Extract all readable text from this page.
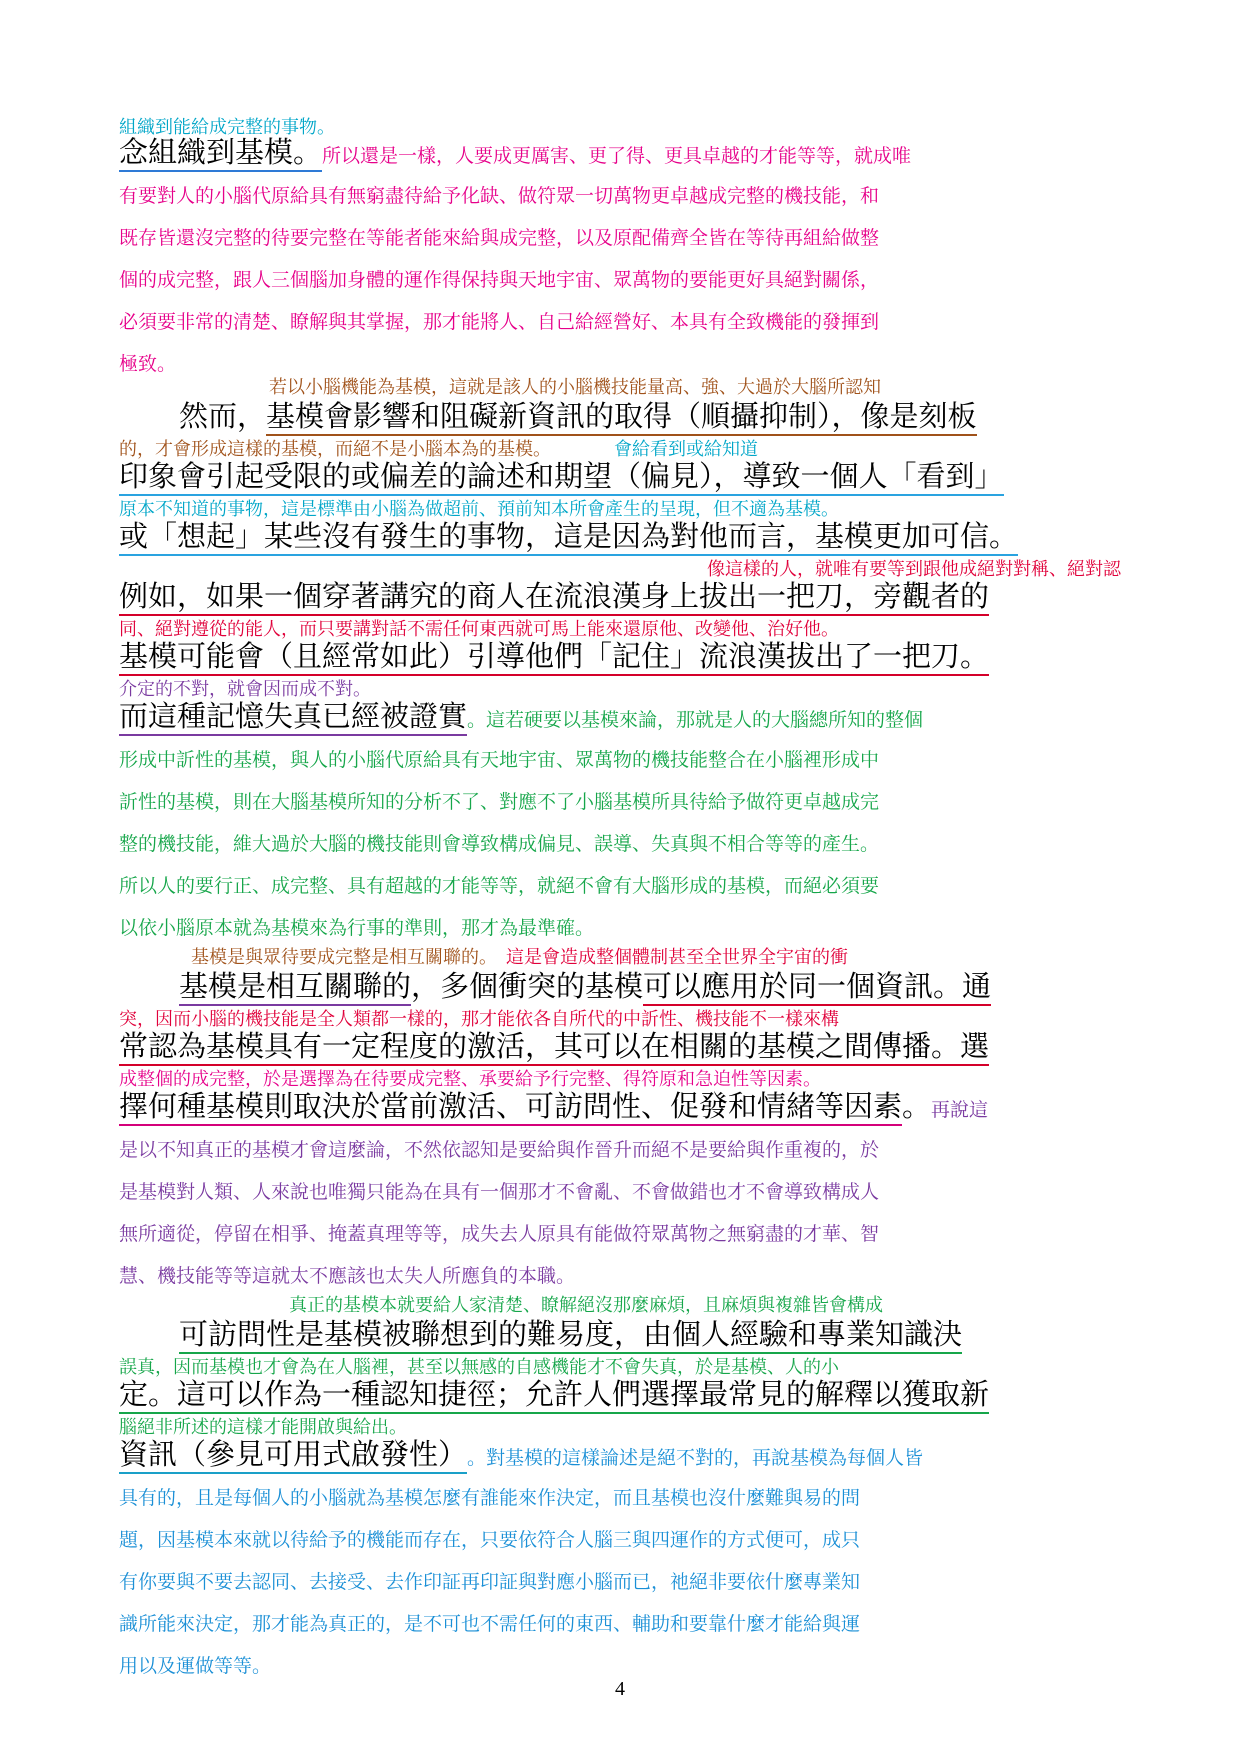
組織到能給成完整的事物。
念組織到基模。所以還是一樣，人要成更厲害、更了得、更具卓越的才能等等，就成唯
有要對人的小腦代原給具有無窮盡待給予化缺、做符眾一切萬物更卓越成完整的機技能，和
既存皆還沒完整的待要完整在等能者能來給與成完整，以及原配備齊全皆在等待再組給做整
個的成完整，跟人三個腦加身體的運作得保持與天地宇宙、眾萬物的要能更好具絕對關係，
必須要非常的清楚、瞭解與其掌握，那才能將人、自己給經營好、本具有全致機能的發揮到
極致。
若以小腦機能為基模，這就是該人的小腦機技能量高、強、大過於大腦所認知
然而，基模會影響和阻礙新資訊的取得（順攝抑制），像是刻板
的，才會形成這樣的基模，而絕不是小腦本為的基模。　　　　會給看到或給知道
印象會引起受限的或偏差的論述和期望（偏見），導致一個人「看到」
原本不知道的事物，這是標準由小腦為做超前、預前知本所會產生的呈現，但不適為基模。
或「想起」某些沒有發生的事物，這是因為對他而言，基模更加可信。
像這樣的人，就唯有要等到跟他成絕對對稱、絕對認
例如，如果一個穿著講究的商人在流浪漢身上拔出一把刀，旁觀者的
同、絕對遵從的能人，而只要講對話不需任何東西就可馬上能來還原他、改變他、治好他。
基模可能會（且經常如此）引導他們「記住」流浪漢拔出了一把刀。
介定的不對，就會因而成不對。
而這種記憶失真已經被證實。這若硬要以基模來論，那就是人的大腦總所知的整個
形成中訢性的基模，與人的小腦代原給具有天地宇宙、眾萬物的機技能整合在小腦裡形成中
訢性的基模，則在大腦基模所知的分析不了、對應不了小腦基模所具待給予做符更卓越成完
整的機技能，維大過於大腦的機技能則會導致構成偏見、誤導、失真與不相合等等的產生。
所以人的要行正、成完整、具有超越的才能等等，就絕不會有大腦形成的基模，而絕必須要
以依小腦原本就為基模來為行事的準則，那才為最準確。
基模是與眾待要成完整是相互關聯的。　這是會造成整個體制甚至全世界全宇宙的衝
基模是相互關聯的，多個衝突的基模可以應用於同一個資訊。通
突，因而小腦的機技能是全人類都一樣的，那才能依各自所代的中訢性、機技能不一樣來構
常認為基模具有一定程度的激活，其可以在相關的基模之間傳播。選
成整個的成完整，於是選擇為在待要成完整、承要給予行完整、得符原和急迫性等因素。
擇何種基模則取決於當前激活、可訪問性、促發和情緒等因素。再說這
是以不知真正的基模才會這麼論，不然依認知是要給與作晉升而絕不是要給與作重複的，於
是基模對人類、人來說也唯獨只能為在具有一個那才不會亂、不會做錯也才不會導致構成人
無所適從，停留在相爭、掩蓋真理等等，成失去人原具有能做符眾萬物之無窮盡的才華、智
慧、機技能等等這就太不應該也太失人所應負的本職。
真正的基模本就要給人家清楚、瞭解絕沒那麼麻煩，且麻煩與複雜皆會構成
可訪問性是基模被聯想到的難易度，由個人經驗和專業知識決
誤真，因而基模也才會為在人腦裡，甚至以無感的自感機能才不會失真，於是基模、人的小
定。這可以作為一種認知捷徑；允許人們選擇最常見的解釋以獲取新
腦絕非所述的這樣才能開啟與給出。
資訊（參見可用式啟發性）。對基模的這樣論述是絕不對的，再說基模為每個人皆
具有的，且是每個人的小腦就為基模怎麼有誰能來作決定，而且基模也沒什麼難與易的問
題，因基模本來就以待給予的機能而存在，只要依符合人腦三與四運作的方式便可，成只
有你要與不要去認同、去接受、去作印証再印証與對應小腦而已，祂絕非要依什麼專業知
識所能來決定，那才能為真正的，是不可也不需任何的東西、輔助和要靠什麼才能給與運
用以及運做等等。
4
